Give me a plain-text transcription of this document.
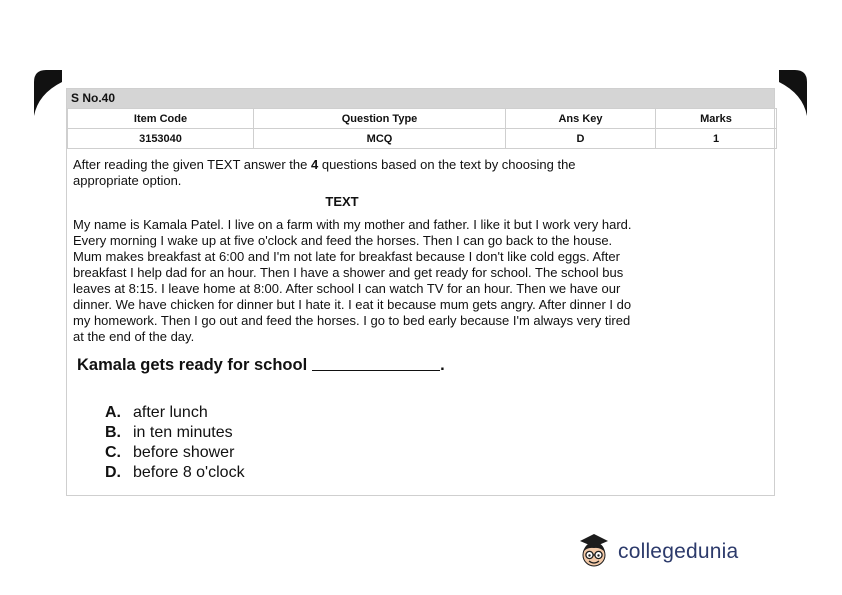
S No.40
Item Code	Question Type	Ans Key	Marks
3153040	MCQ	D	1
After reading the given TEXT answer the 4 questions based on the text by choosing the appropriate option.
TEXT
My name is Kamala Patel. I live on a farm with my mother and father. I like it but I work very hard. Every morning I wake up at five o'clock and feed the horses. Then I can go back to the house. Mum makes breakfast at 6:00 and I'm not late for breakfast because I don't like cold eggs. After breakfast I help dad for an hour. Then I have a shower and get ready for school. The school bus leaves at 8:15. I leave home at 8:00. After school I can watch TV for an hour. Then we have our dinner. We have chicken for dinner but I hate it. I eat it because mum gets angry. After dinner I do my homework. Then I go out and feed the horses. I go to bed early because I'm always very tired at the end of the day.
Kamala gets ready for school	.
A. after lunch
B. in ten minutes
C. before shower
D. before 8 o'clock
collegedunia
